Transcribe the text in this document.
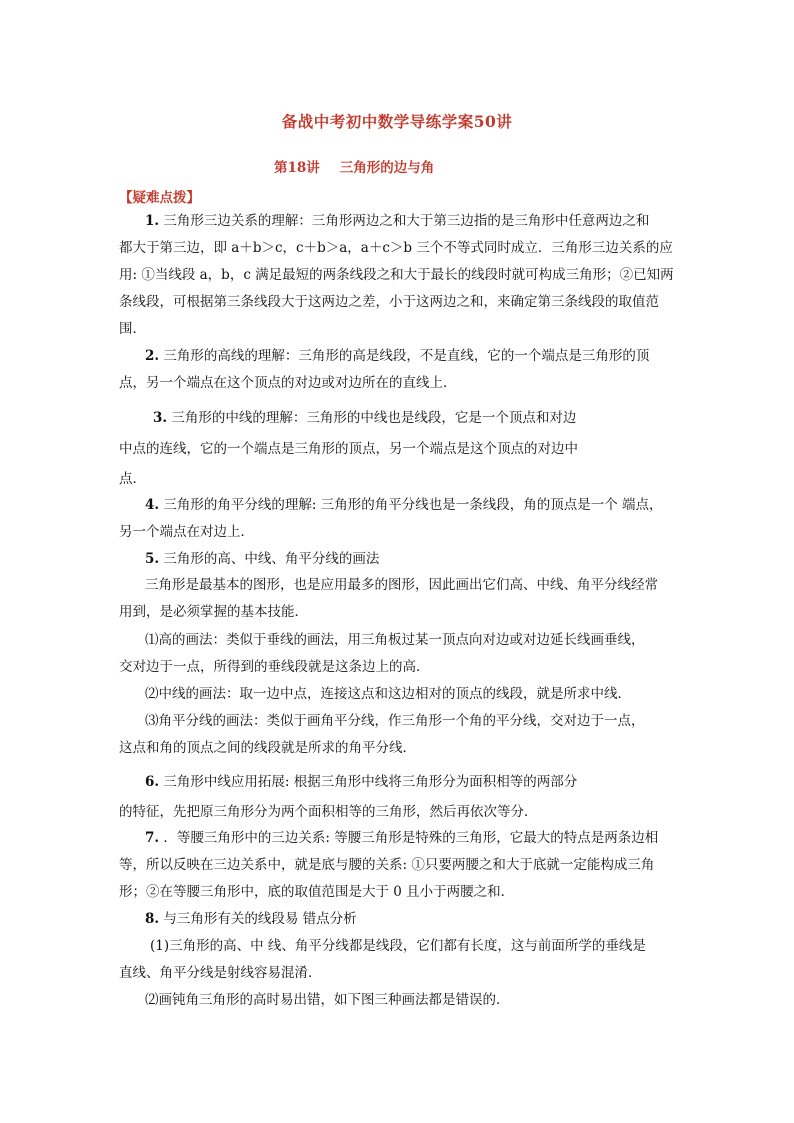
备战中考初中数学导练学案50讲
第18讲 三角形的边与角
【疑难点拨】
1. 三角形三边关系的理解：三角形两边之和大于第三边指的是三角形中任意两边之和
都大于第三边，即 a＋b＞c，c＋b＞a，a＋c＞b 三个不等式同时成立．三角形三边关系的应
用: ①当线段 a，b，c 满足最短的两条线段之和大于最长的线段时就可构成三角形；②已知两
条线段，可根据第三条线段大于这两边之差，小于这两边之和，来确定第三条线段的取值范
围．
2. 三角形的高线的理解：三角形的高是线段，不是直线，它的一个端点是三角形的顶
点，另一个端点在这个顶点的对边或对边所在的直线上．
3. 三角形的中线的理解：三角形的中线也是线段，它是一个顶点和对边
中点的连线，它的一个端点是三角形的顶点，另一个端点是这个顶点的对边中
点．
4. 三角形的角平分线的理解: 三角形的角平分线也是一条线段，角的顶点是一个 端点，
另一个端点在对边上．
5. 三角形的高、中线、角平分线的画法
三角形是最基本的图形，也是应用最多的图形，因此画出它们高、中线、角平分线经常
用到，是必须掌握的基本技能．
⑴高的画法：类似于垂线的画法，用三角板过某一顶点向对边或对边延长线画垂线，
交对边于一点，所得到的垂线段就是这条边上的高．
⑵中线的画法：取一边中点，连接这点和这边相对的顶点的线段，就是所求中线．
⑶角平分线的画法：类似于画角平分线，作三角形一个角的平分线，交对边于一点，
这点和角的顶点之间的线段就是所求的角平分线．
6. 三角形中线应用拓展: 根据三角形中线将三角形分为面积相等的两部分
的特征，先把原三角形分为两个面积相等的三角形，然后再依次等分．
7. ．等腰三角形中的三边关系: 等腰三角形是特殊的三角形，它最大的特点是两条边相
等，所以反映在三边关系中，就是底与腰的关系: ①只要两腰之和大于底就一定能构成三角
形；②在等腰三角形中，底的取值范围是大于 0 且小于两腰之和．
8. 与三角形有关的线段易 错点分析
(1)三角形的高、中 线、角平分线都是线段，它们都有长度，这与前面所学的垂线是
直线、角平分线是射线容易混淆．
⑵画钝角三角形的高时易出错，如下图三种画法都是错误的．
